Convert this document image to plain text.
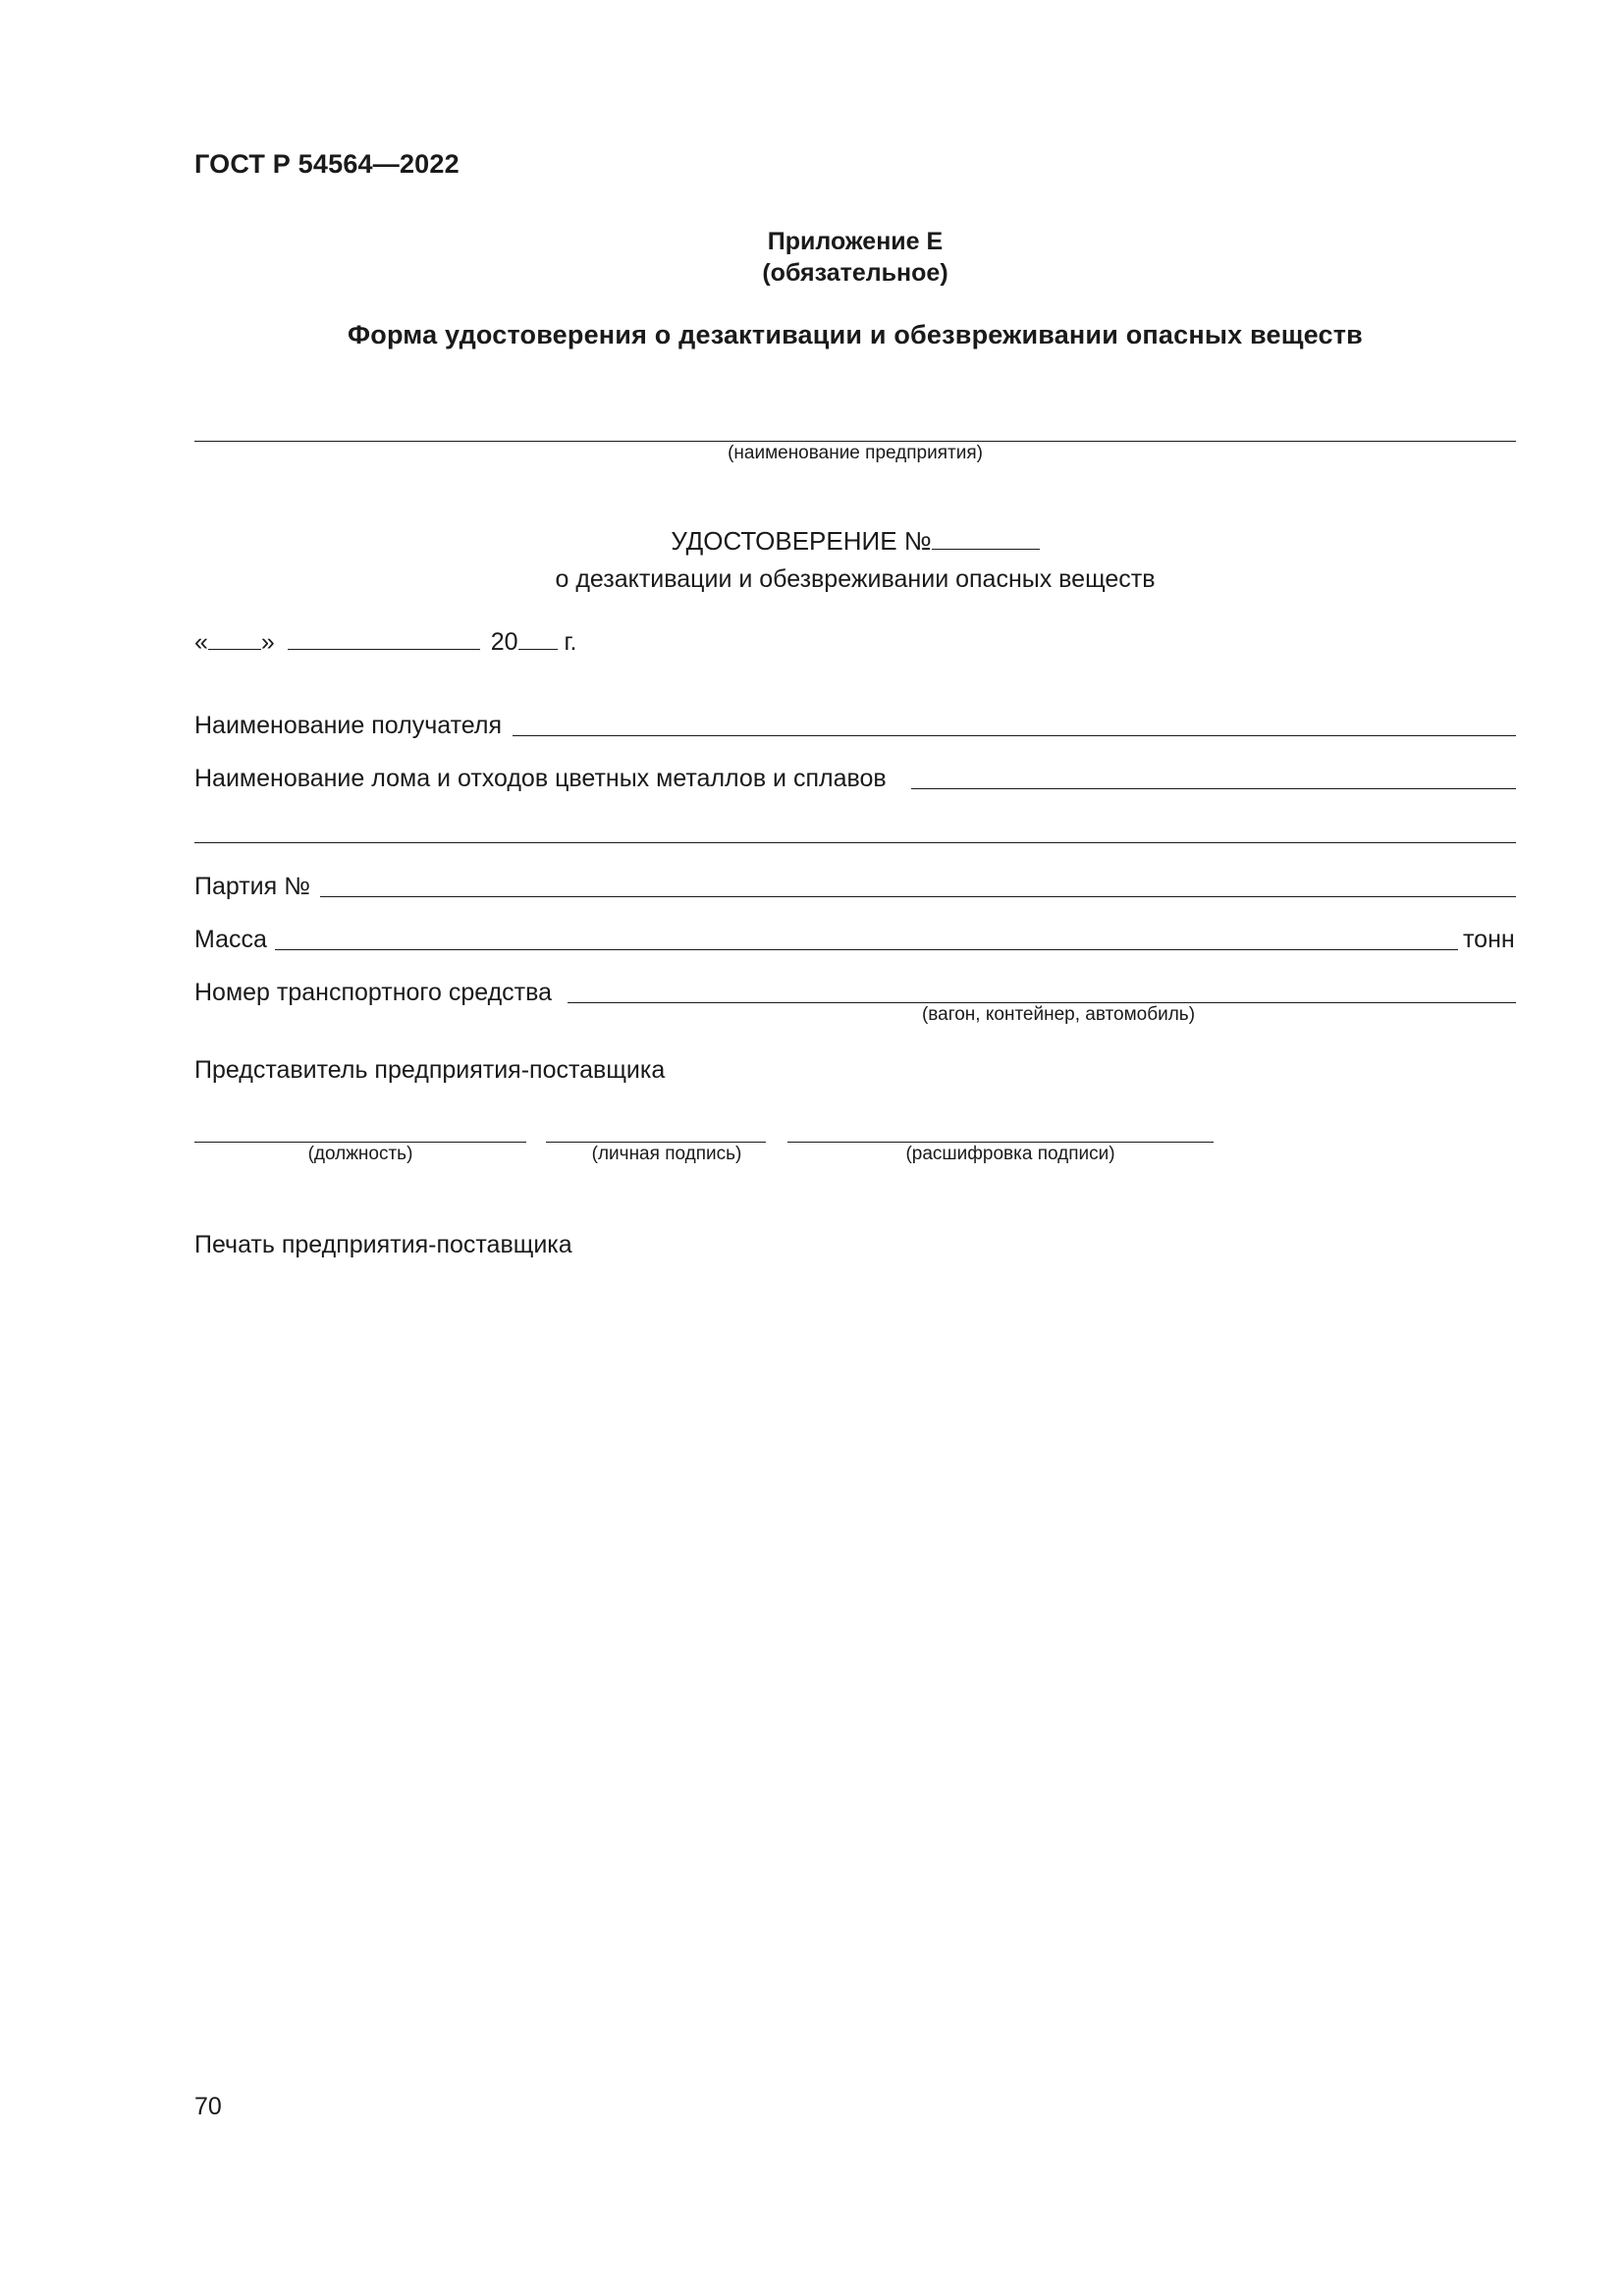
ГОСТ Р 54564—2022
Приложение Е
(обязательное)
Форма удостоверения о дезактивации и обезвреживании опасных веществ
(наименование предприятия)
УДОСТОВЕРЕНИЕ №
о дезактивации и обезвреживании опасных веществ
« »	20 г.
Наименование получателя
Наименование лома и отходов цветных металлов и сплавов
Партия №
Масса	тонн
Номер транспортного средства
(вагон, контейнер, автомобиль)
Представитель предприятия-поставщика
(должность)	(личная подпись)	(расшифровка подписи)
Печать предприятия-поставщика
70
